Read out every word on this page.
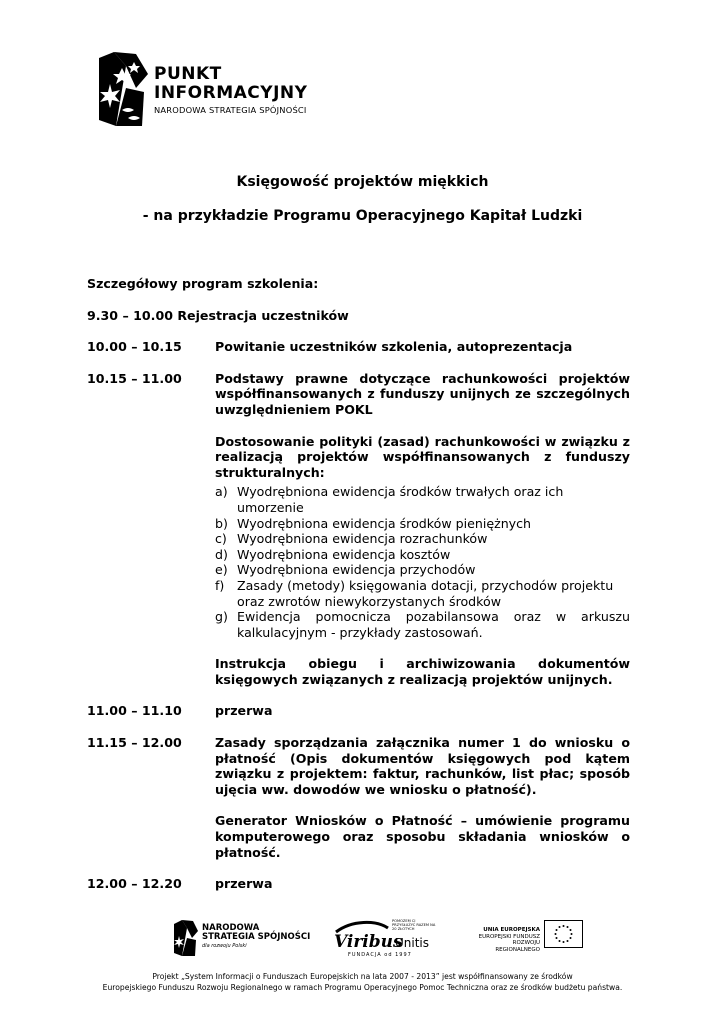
PUNKT
INFORMACYJNY
NARODOWA STRATEGIA SPÓJNOŚCI
Księgowość projektów miękkich
- na przykładzie Programu Operacyjnego Kapitał Ludzki
Szczegółowy program szkolenia:
9.30 – 10.00 Rejestracja uczestników
10.00 – 10.15	Powitanie uczestników szkolenia, autoprezentacja
10.15 – 11.00	Podstawy prawne dotyczące rachunkowości projektów współfinansowanych z funduszy unijnych ze szczególnych uwzględnieniem POKL
Dostosowanie polityki (zasad) rachunkowości w związku z realizacją projektów współfinansowanych z funduszy strukturalnych:
a) Wyodrębniona ewidencja środków trwałych oraz ich umorzenie
b) Wyodrębniona ewidencja środków pieniężnych
c) Wyodrębniona ewidencja rozrachunków
d) Wyodrębniona ewidencja kosztów
e) Wyodrębniona ewidencja przychodów
f)	Zasady (metody) księgowania dotacji, przychodów projektu oraz zwrotów niewykorzystanych środków
g) Ewidencja pomocnicza pozabilansowa oraz w arkuszu kalkulacyjnym - przykłady zastosowań.
Instrukcja obiegu i archiwizowania dokumentów księgowych związanych z realizacją projektów unijnych.
11.00 – 11.10	przerwa
11.15 – 12.00	Zasady sporządzania załącznika numer 1 do wniosku o płatność (Opis dokumentów księgowych pod kątem związku z projektem: faktur, rachunków, list płac; sposób ujęcia ww. dowodów we wniosku o płatność).
Generator Wniosków o Płatność – umówienie programu komputerowego oraz sposobu składania wniosków o płatność.
12.00 – 12.20	przerwa
NARODOWA
STRATEGIA SPÓJNOŚCI
dla rozwoju Polski	Viribus
Unitis
FUNDACJA od 1997
POMOŻEM CI PRZYSŁUŻYĆ RAZEM NA 20 ZŁOTYCH	UNIA EUROPEJSKA
EUROPEJSKI FUNDUSZ
ROZWOJU REGIONALNEGO
Projekt „System Informacji o Funduszach Europejskich na lata 2007 - 2013” jest współfinansowany ze środków
Europejskiego Funduszu Rozwoju Regionalnego w ramach Programu Operacyjnego Pomoc Techniczna oraz ze środków budżetu państwa.
